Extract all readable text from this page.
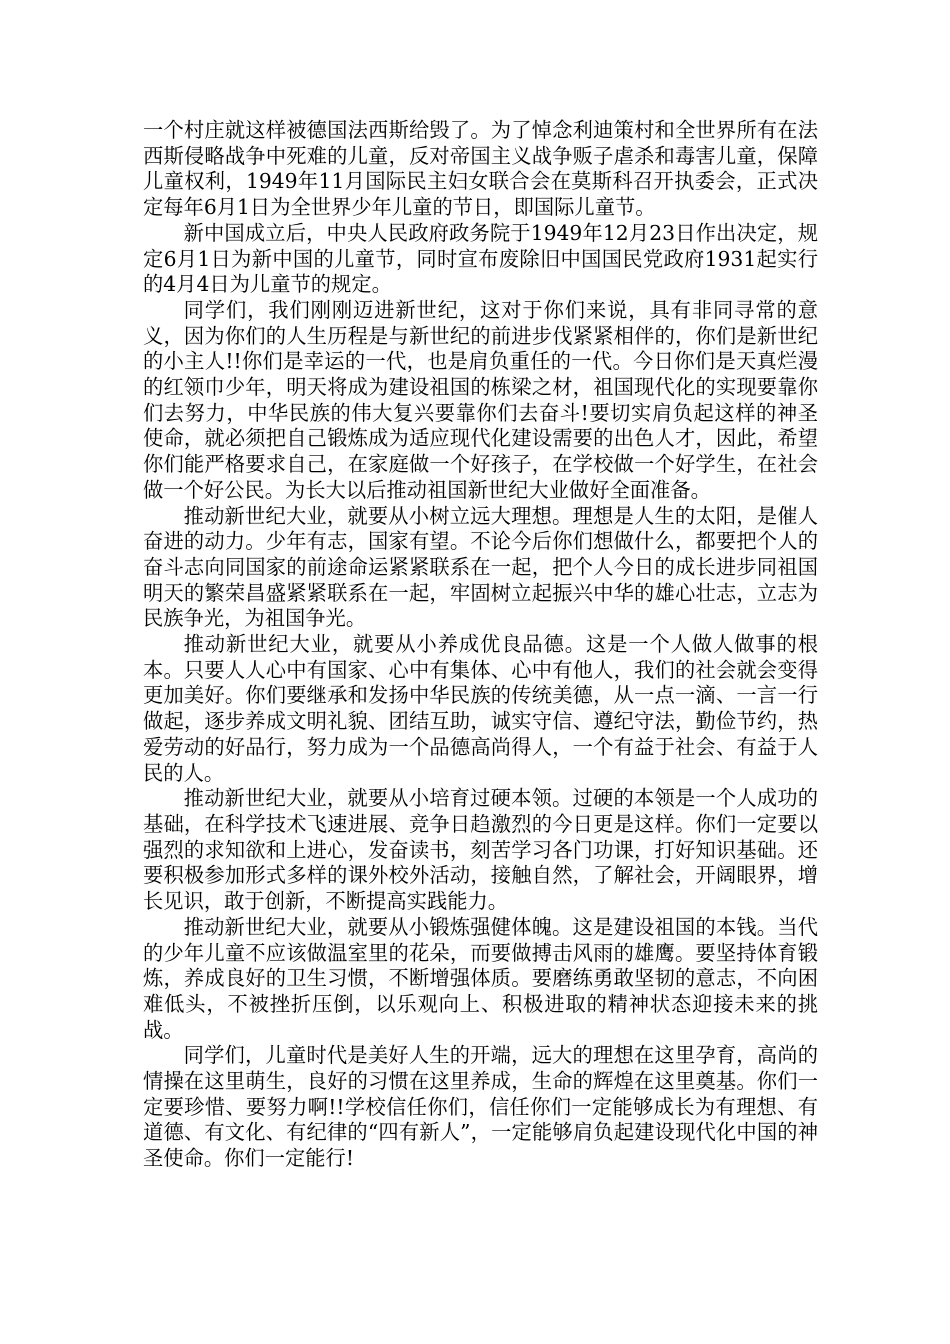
一个村庄就这样被德国法西斯给毁了。为了悼念利迪策村和全世界所有在法西斯侵略战争中死难的儿童，反对帝国主义战争贩子虐杀和毒害儿童，保障儿童权利，1949年11月国际民主妇女联合会在莫斯科召开执委会，正式决定每年6月1日为全世界少年儿童的节日，即国际儿童节。

新中国成立后，中央人民政府政务院于1949年12月23日作出决定，规定6月1日为新中国的儿童节，同时宣布废除旧中国国民党政府1931起实行的4月4日为儿童节的规定。

同学们，我们刚刚迈进新世纪，这对于你们来说，具有非同寻常的意义，因为你们的人生历程是与新世纪的前进步伐紧紧相伴的，你们是新世纪的小主人!!你们是幸运的一代，也是肩负重任的一代。今日你们是天真烂漫的红领巾少年，明天将成为建设祖国的栋梁之材，祖国现代化的实现要靠你们去努力，中华民族的伟大复兴要靠你们去奋斗!要切实肩负起这样的神圣使命，就必须把自己锻炼成为适应现代化建设需要的出色人才，因此，希望你们能严格要求自己，在家庭做一个好孩子，在学校做一个好学生，在社会做一个好公民。为长大以后推动祖国新世纪大业做好全面准备。

推动新世纪大业，就要从小树立远大理想。理想是人生的太阳，是催人奋进的动力。少年有志，国家有望。不论今后你们想做什么，都要把个人的奋斗志向同国家的前途命运紧紧联系在一起，把个人今日的成长进步同祖国明天的繁荣昌盛紧紧联系在一起，牢固树立起振兴中华的雄心壮志，立志为民族争光，为祖国争光。

推动新世纪大业，就要从小养成优良品德。这是一个人做人做事的根本。只要人人心中有国家、心中有集体、心中有他人，我们的社会就会变得更加美好。你们要继承和发扬中华民族的传统美德，从一点一滴、一言一行做起，逐步养成文明礼貌、团结互助，诚实守信、遵纪守法，勤俭节约，热爱劳动的好品行，努力成为一个品德高尚得人，一个有益于社会、有益于人民的人。

推动新世纪大业，就要从小培育过硬本领。过硬的本领是一个人成功的基础，在科学技术飞速进展、竞争日趋激烈的今日更是这样。你们一定要以强烈的求知欲和上进心，发奋读书，刻苦学习各门功课，打好知识基础。还要积极参加形式多样的课外校外活动，接触自然，了解社会，开阔眼界，增长见识，敢于创新，不断提高实践能力。

推动新世纪大业，就要从小锻炼强健体魄。这是建设祖国的本钱。当代的少年儿童不应该做温室里的花朵，而要做搏击风雨的雄鹰。要坚持体育锻炼，养成良好的卫生习惯，不断增强体质。要磨练勇敢坚韧的意志，不向困难低头，不被挫折压倒，以乐观向上、积极进取的精神状态迎接未来的挑战。

同学们，儿童时代是美好人生的开端，远大的理想在这里孕育，高尚的情操在这里萌生，良好的习惯在这里养成，生命的辉煌在这里奠基。你们一定要珍惜、要努力啊!!学校信任你们，信任你们一定能够成长为有理想、有道德、有文化、有纪律的“四有新人”，一定能够肩负起建设现代化中国的神圣使命。你们一定能行!
